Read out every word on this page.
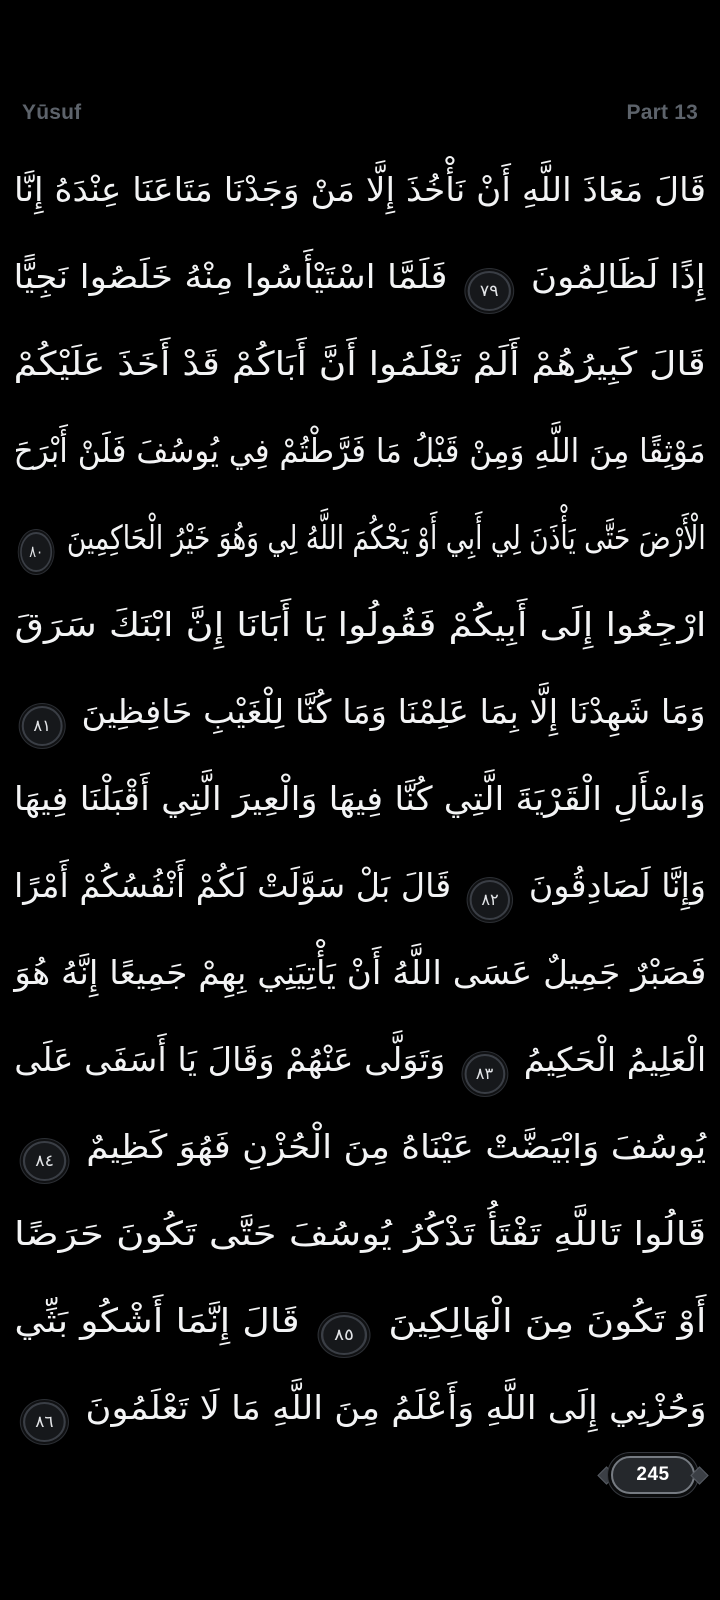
Yūsuf	Part 13
قَالَ مَعَاذَ اللَّهِ أَنْ نَأْخُذَ إِلَّا مَنْ وَجَدْنَا مَتَاعَنَا عِنْدَهُ إِنَّا
إِذًا لَظَالِمُونَ ٧٩ فَلَمَّا اسْتَيْأَسُوا مِنْهُ خَلَصُوا نَجِيًّا
قَالَ كَبِيرُهُمْ أَلَمْ تَعْلَمُوا أَنَّ أَبَاكُمْ قَدْ أَخَذَ عَلَيْكُمْ
مَوْثِقًا مِنَ اللَّهِ وَمِنْ قَبْلُ مَا فَرَّطْتُمْ فِي يُوسُفَ فَلَنْ أَبْرَحَ
الْأَرْضَ حَتَّى يَأْذَنَ لِي أَبِي أَوْ يَحْكُمَ اللَّهُ لِي وَهُوَ خَيْرُ الْحَاكِمِينَ ٨٠
ارْجِعُوا إِلَى أَبِيكُمْ فَقُولُوا يَا أَبَانَا إِنَّ ابْنَكَ سَرَقَ
وَمَا شَهِدْنَا إِلَّا بِمَا عَلِمْنَا وَمَا كُنَّا لِلْغَيْبِ حَافِظِينَ ٨١
وَاسْأَلِ الْقَرْيَةَ الَّتِي كُنَّا فِيهَا وَالْعِيرَ الَّتِي أَقْبَلْنَا فِيهَا
وَإِنَّا لَصَادِقُونَ ٨٢ قَالَ بَلْ سَوَّلَتْ لَكُمْ أَنْفُسُكُمْ أَمْرًا
فَصَبْرٌ جَمِيلٌ عَسَى اللَّهُ أَنْ يَأْتِيَنِي بِهِمْ جَمِيعًا إِنَّهُ هُوَ
الْعَلِيمُ الْحَكِيمُ ٨٣ وَتَوَلَّى عَنْهُمْ وَقَالَ يَا أَسَفَى عَلَى
يُوسُفَ وَابْيَضَّتْ عَيْنَاهُ مِنَ الْحُزْنِ فَهُوَ كَظِيمٌ ٨٤
قَالُوا تَاللَّهِ تَفْتَأُ تَذْكُرُ يُوسُفَ حَتَّى تَكُونَ حَرَضًا
أَوْ تَكُونَ مِنَ الْهَالِكِينَ ٨٥ قَالَ إِنَّمَا أَشْكُو بَثِّي
وَحُزْنِي إِلَى اللَّهِ وَأَعْلَمُ مِنَ اللَّهِ مَا لَا تَعْلَمُونَ ٨٦
245
